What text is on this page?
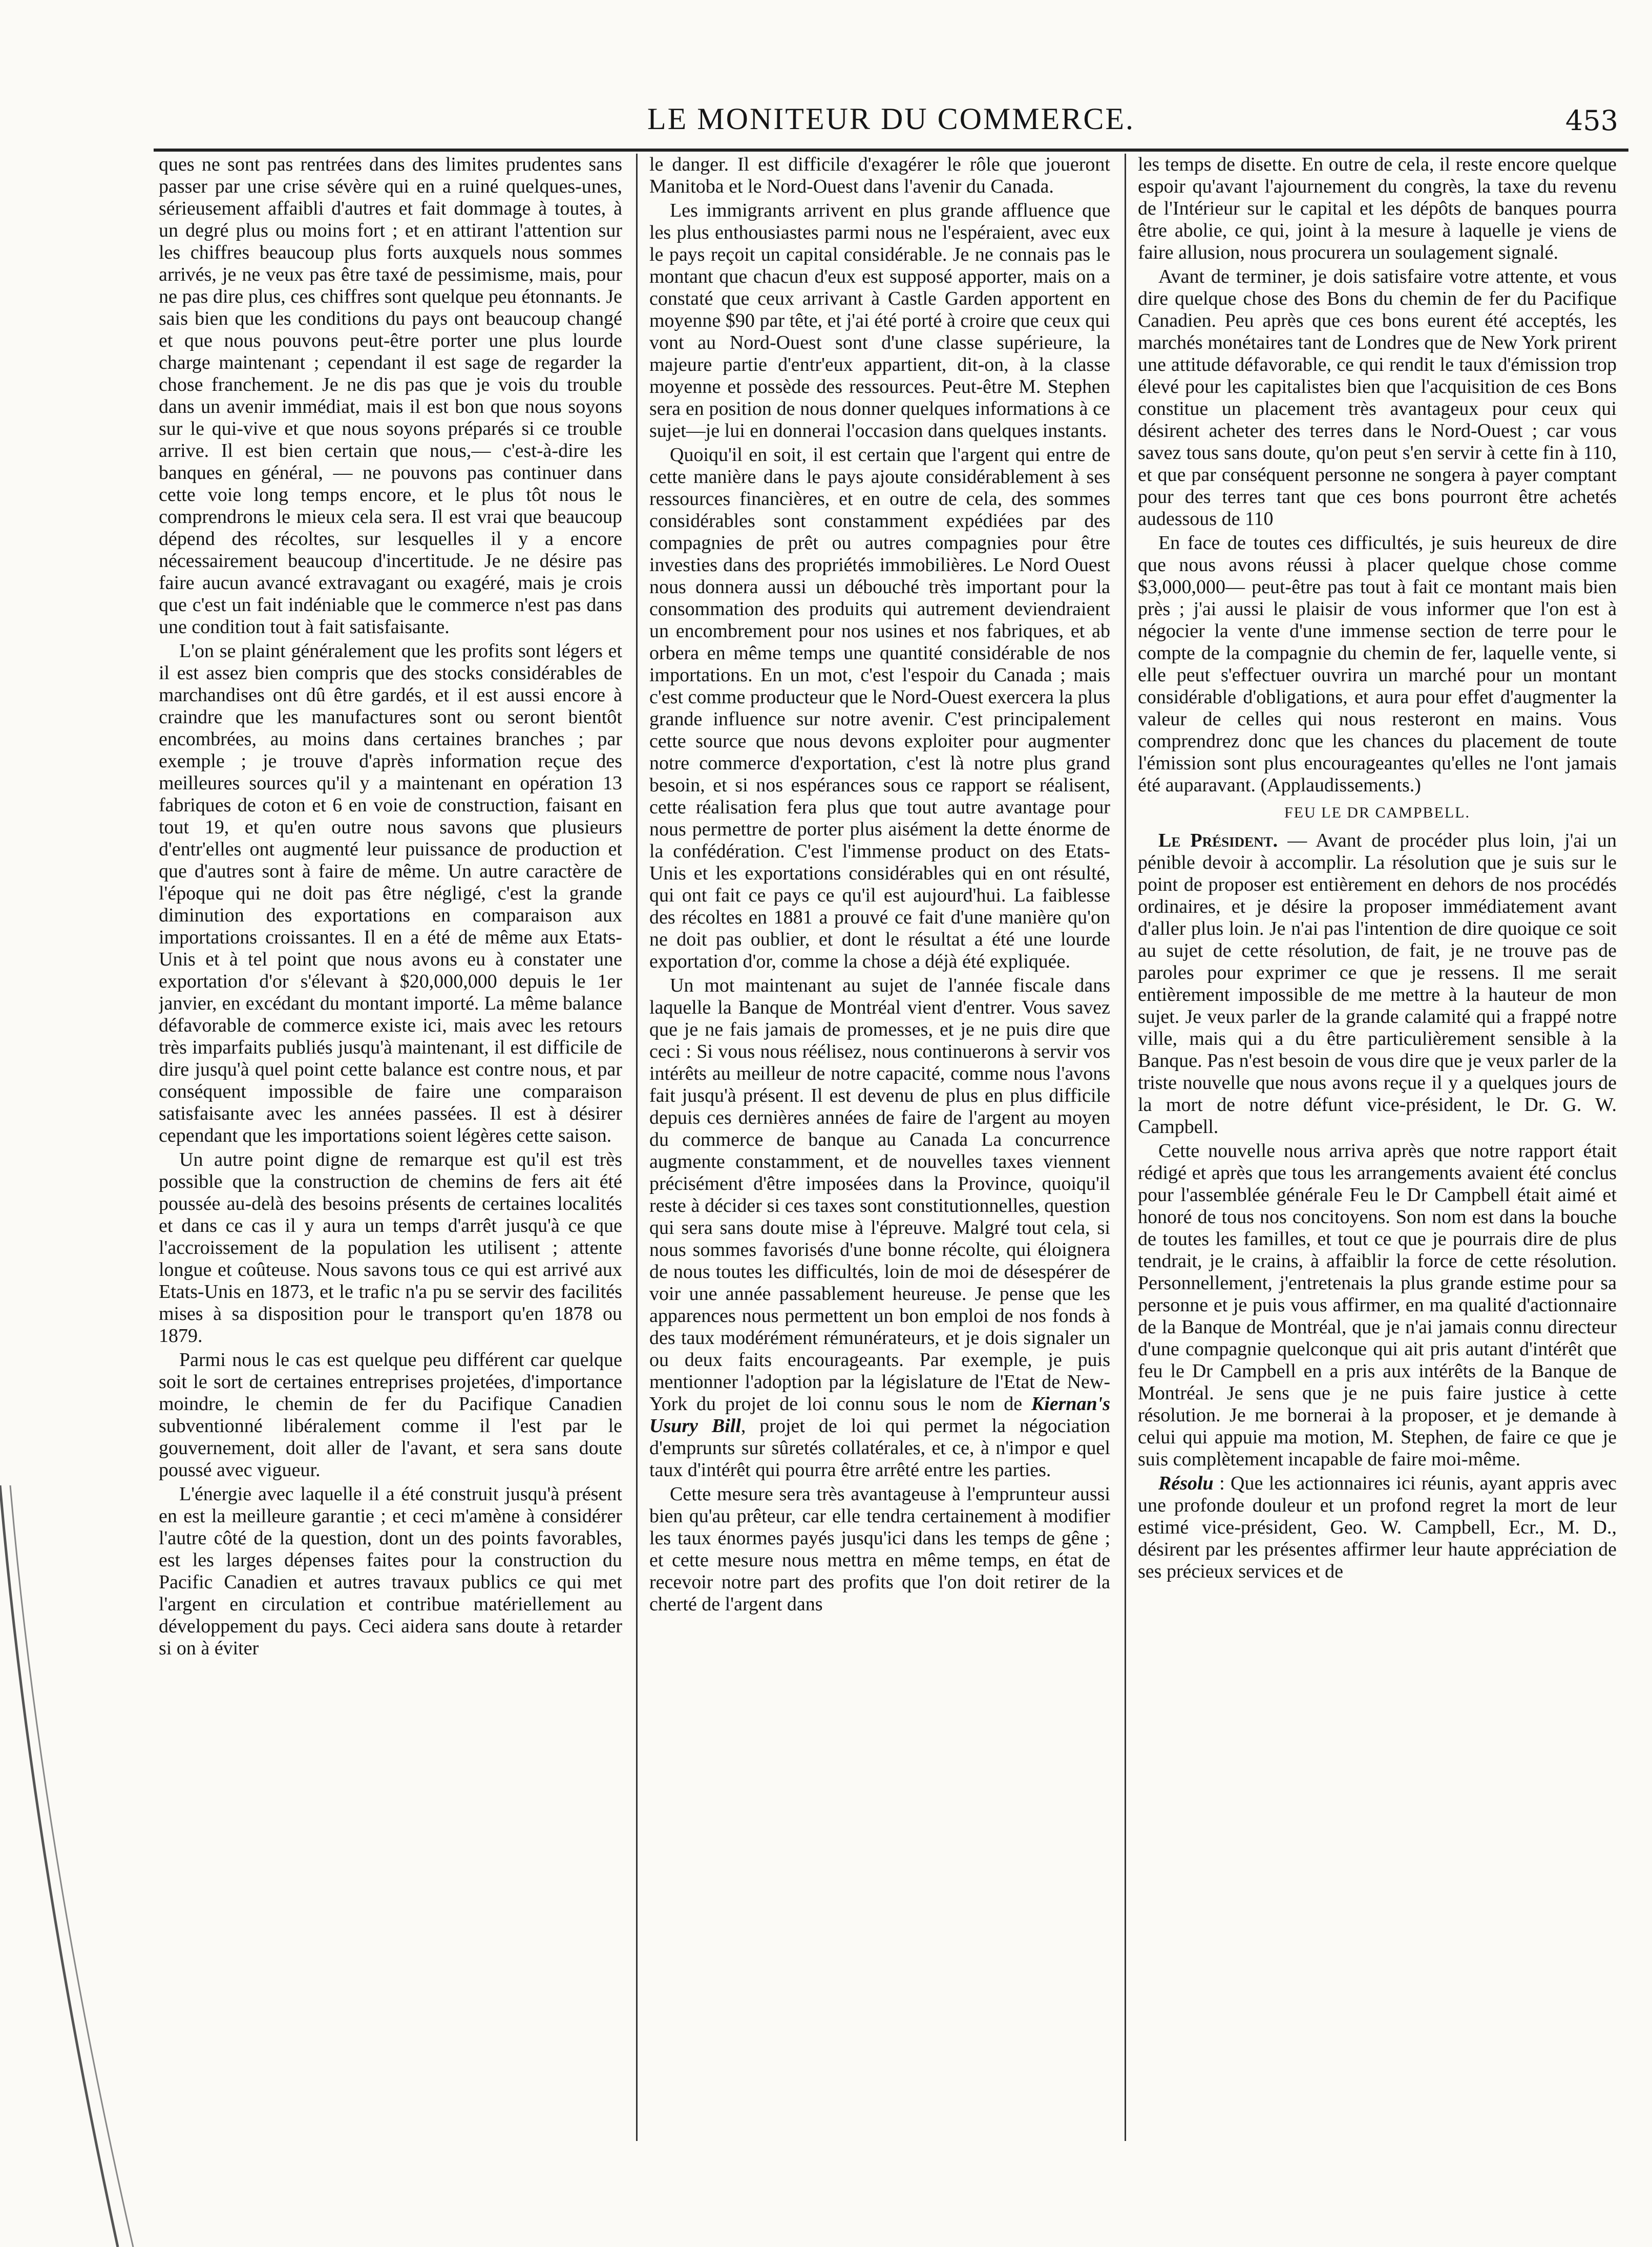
LE MONITEUR DU COMMERCE.	453

ques ne sont pas rentrées dans des limites prudentes sans passer par une crise sévère qui en a ruiné quelques-unes, sérieusement affaibli d'autres et fait dommage à toutes, à un degré plus ou moins fort ; et en attirant l'attention sur les chiffres beaucoup plus forts auxquels nous sommes arrivés, je ne veux pas être taxé de pessimisme, mais, pour ne pas dire plus, ces chiffres sont quelque peu étonnants. Je sais bien que les conditions du pays ont beaucoup changé et que nous pouvons peut-être porter une plus lourde charge maintenant ; cependant il est sage de regarder la chose franchement. Je ne dis pas que je vois du trouble dans un avenir immédiat, mais il est bon que nous soyons sur le qui-vive et que nous soyons préparés si ce trouble arrive. Il est bien certain que nous,— c'est-à-dire les banques en général, — ne pouvons pas continuer dans cette voie long temps encore, et le plus tôt nous le comprendrons le mieux cela sera. Il est vrai que beaucoup dépend des récoltes, sur lesquelles il y a encore nécessairement beaucoup d'incertitude. Je ne désire pas faire aucun avancé extravagant ou exagéré, mais je crois que c'est un fait indéniable que le commerce n'est pas dans une condition tout à fait satisfaisante.

L'on se plaint généralement que les profits sont légers et il est assez bien compris que des stocks considérables de marchandises ont dû être gardés, et il est aussi encore à craindre que les manufactures sont ou seront bientôt encombrées, au moins dans certaines branches ; par exemple ; je trouve d'après information reçue des meilleures sources qu'il y a maintenant en opération 13 fabriques de coton et 6 en voie de construction, faisant en tout 19, et qu'en outre nous savons que plusieurs d'entr'elles ont augmenté leur puissance de production et que d'autres sont à faire de même. Un autre caractère de l'époque qui ne doit pas être négligé, c'est la grande diminution des exportations en comparaison aux importations croissantes. Il en a été de même aux Etats-Unis et à tel point que nous avons eu à constater une exportation d'or s'élevant à $20,000,000 depuis le 1er janvier, en excédant du montant importé. La même balance défavorable de commerce existe ici, mais avec les retours très imparfaits publiés jusqu'à maintenant, il est difficile de dire jusqu'à quel point cette balance est contre nous, et par conséquent impossible de faire une comparaison satisfaisante avec les années passées. Il est à désirer cependant que les importations soient légères cette saison.

Un autre point digne de remarque est qu'il est très possible que la construction de chemins de fers ait été poussée au-delà des besoins présents de certaines localités et dans ce cas il y aura un temps d'arrêt jusqu'à ce que l'accroissement de la population les utilisent ; attente longue et coûteuse. Nous savons tous ce qui est arrivé aux Etats-Unis en 1873, et le trafic n'a pu se servir des facilités mises à sa disposition pour le transport qu'en 1878 ou 1879.

Parmi nous le cas est quelque peu différent car quelque soit le sort de certaines entreprises projetées, d'importance moindre, le chemin de fer du Pacifique Canadien subventionné libéralement comme il l'est par le gouvernement, doit aller de l'avant, et sera sans doute poussé avec vigueur.

L'énergie avec laquelle il a été construit jusqu'à présent en est la meilleure garantie ; et ceci m'amène à considérer l'autre côté de la question, dont un des points favorables, est les larges dépenses faites pour la construction du Pacific Canadien et autres travaux publics ce qui met l'argent en circulation et contribue matériellement au développement du pays. Ceci aidera sans doute à retarder si on à éviter

le danger. Il est difficile d'exagérer le rôle que joueront Manitoba et le Nord-Ouest dans l'avenir du Canada.

Les immigrants arrivent en plus grande affluence que les plus enthousiastes parmi nous ne l'espéraient, avec eux le pays reçoit un capital considérable. Je ne connais pas le montant que chacun d'eux est supposé apporter, mais on a constaté que ceux arrivant à Castle Garden apportent en moyenne $90 par tête, et j'ai été porté à croire que ceux qui vont au Nord-Ouest sont d'une classe supérieure, la majeure partie d'entr'eux appartient, dit-on, à la classe moyenne et possède des ressources. Peut-être M. Stephen sera en position de nous donner quelques informations à ce sujet—je lui en donnerai l'occasion dans quelques instants.

Quoiqu'il en soit, il est certain que l'argent qui entre de cette manière dans le pays ajoute considérablement à ses ressources financières, et en outre de cela, des sommes considérables sont constamment expédiées par des compagnies de prêt ou autres compagnies pour être investies dans des propriétés immobilières. Le Nord Ouest nous donnera aussi un débouché très important pour la consommation des produits qui autrement deviendraient un encombrement pour nos usines et nos fabriques, et ab orbera en même temps une quantité considérable de nos importations. En un mot, c'est l'espoir du Canada ; mais c'est comme producteur que le Nord-Ouest exercera la plus grande influence sur notre avenir. C'est principalement cette source que nous devons exploiter pour augmenter notre commerce d'exportation, c'est là notre plus grand besoin, et si nos espérances sous ce rapport se réalisent, cette réalisation fera plus que tout autre avantage pour nous permettre de porter plus aisément la dette énorme de la confédération. C'est l'immense product on des Etats-Unis et les exportations considérables qui en ont résulté, qui ont fait ce pays ce qu'il est aujourd'hui. La faiblesse des récoltes en 1881 a prouvé ce fait d'une manière qu'on ne doit pas oublier, et dont le résultat a été une lourde exportation d'or, comme la chose a déjà été expliquée.

Un mot maintenant au sujet de l'année fiscale dans laquelle la Banque de Montréal vient d'entrer. Vous savez que je ne fais jamais de promesses, et je ne puis dire que ceci : Si vous nous réélisez, nous continuerons à servir vos intérêts au meilleur de notre capacité, comme nous l'avons fait jusqu'à présent. Il est devenu de plus en plus difficile depuis ces dernières années de faire de l'argent au moyen du commerce de banque au Canada La concurrence augmente constamment, et de nouvelles taxes viennent précisément d'être imposées dans la Province, quoiqu'il reste à décider si ces taxes sont constitutionnelles, question qui sera sans doute mise à l'épreuve. Malgré tout cela, si nous sommes favorisés d'une bonne récolte, qui éloignera de nous toutes les difficultés, loin de moi de désespérer de voir une année passablement heureuse. Je pense que les apparences nous permettent un bon emploi de nos fonds à des taux modérément rémunérateurs, et je dois signaler un ou deux faits encourageants. Par exemple, je puis mentionner l'adoption par la législature de l'Etat de New-York du projet de loi connu sous le nom de Kiernan's Usury Bill, projet de loi qui permet la négociation d'emprunts sur sûretés collatérales, et ce, à n'impor e quel taux d'intérêt qui pourra être arrêté entre les parties.

Cette mesure sera très avantageuse à l'emprunteur aussi bien qu'au prêteur, car elle tendra certainement à modifier les taux énormes payés jusqu'ici dans les temps de gêne ; et cette mesure nous mettra en même temps, en état de recevoir notre part des profits que l'on doit retirer de la cherté de l'argent dans

les temps de disette. En outre de cela, il reste encore quelque espoir qu'avant l'ajournement du congrès, la taxe du revenu de l'Intérieur sur le capital et les dépôts de banques pourra être abolie, ce qui, joint à la mesure à laquelle je viens de faire allusion, nous procurera un soulagement signalé.

Avant de terminer, je dois satisfaire votre attente, et vous dire quelque chose des Bons du chemin de fer du Pacifique Canadien. Peu après que ces bons eurent été acceptés, les marchés monétaires tant de Londres que de New York prirent une attitude défavorable, ce qui rendit le taux d'émission trop élevé pour les capitalistes bien que l'acquisition de ces Bons constitue un placement très avantageux pour ceux qui désirent acheter des terres dans le Nord-Ouest ; car vous savez tous sans doute, qu'on peut s'en servir à cette fin à 110, et que par conséquent personne ne songera à payer comptant pour des terres tant que ces bons pourront être achetés audessous de 110

En face de toutes ces difficultés, je suis heureux de dire que nous avons réussi à placer quelque chose comme $3,000,000— peut-être pas tout à fait ce montant mais bien près ; j'ai aussi le plaisir de vous informer que l'on est à négocier la vente d'une immense section de terre pour le compte de la compagnie du chemin de fer, laquelle vente, si elle peut s'effectuer ouvrira un marché pour un montant considérable d'obligations, et aura pour effet d'augmenter la valeur de celles qui nous resteront en mains. Vous comprendrez donc que les chances du placement de toute l'émission sont plus encourageantes qu'elles ne l'ont jamais été auparavant. (Applaudissements.)

FEU LE DR CAMPBELL.

Le Président. — Avant de procéder plus loin, j'ai un pénible devoir à accomplir. La résolution que je suis sur le point de proposer est entièrement en dehors de nos procédés ordinaires, et je désire la proposer immédiatement avant d'aller plus loin. Je n'ai pas l'intention de dire quoique ce soit au sujet de cette résolution, de fait, je ne trouve pas de paroles pour exprimer ce que je ressens. Il me serait entièrement impossible de me mettre à la hauteur de mon sujet. Je veux parler de la grande calamité qui a frappé notre ville, mais qui a du être particulièrement sensible à la Banque. Pas n'est besoin de vous dire que je veux parler de la triste nouvelle que nous avons reçue il y a quelques jours de la mort de notre défunt vice-président, le Dr. G. W. Campbell.

Cette nouvelle nous arriva après que notre rapport était rédigé et après que tous les arrangements avaient été conclus pour l'assemblée générale Feu le Dr Campbell était aimé et honoré de tous nos concitoyens. Son nom est dans la bouche de toutes les familles, et tout ce que je pourrais dire de plus tendrait, je le crains, à affaiblir la force de cette résolution. Personnellement, j'entretenais la plus grande estime pour sa personne et je puis vous affirmer, en ma qualité d'actionnaire de la Banque de Montréal, que je n'ai jamais connu directeur d'une compagnie quelconque qui ait pris autant d'intérêt que feu le Dr Campbell en a pris aux intérêts de la Banque de Montréal. Je sens que je ne puis faire justice à cette résolution. Je me bornerai à la proposer, et je demande à celui qui appuie ma motion, M. Stephen, de faire ce que je suis complètement incapable de faire moi-même.

Résolu : Que les actionnaires ici réunis, ayant appris avec une profonde douleur et un profond regret la mort de leur estimé vice-président, Geo. W. Campbell, Ecr., M. D., désirent par les présentes affirmer leur haute appréciation de ses précieux services et de
